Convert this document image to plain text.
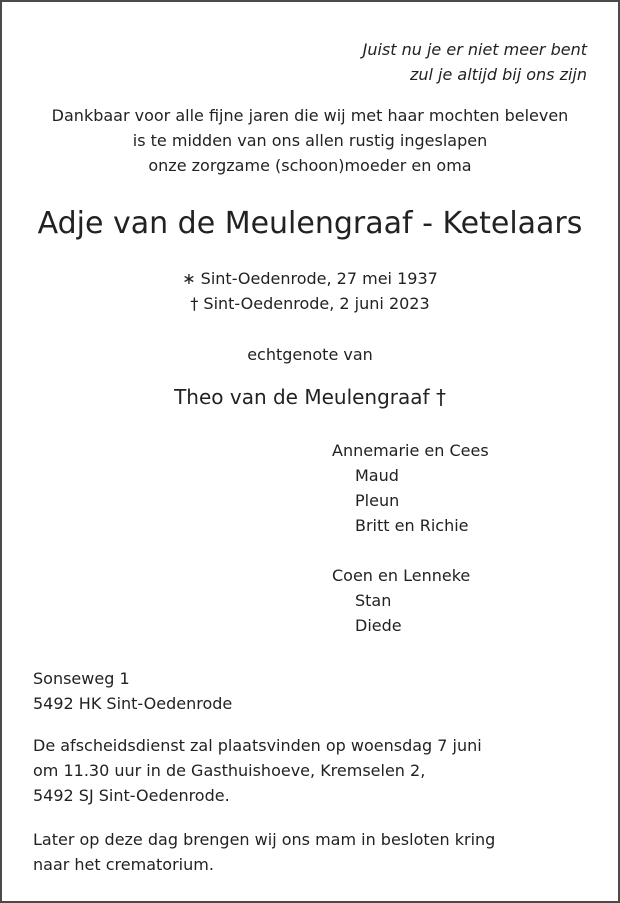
Juist nu je er niet meer bent
zul je altijd bij ons zijn
Dankbaar voor alle fijne jaren die wij met haar mochten beleven
is te midden van ons allen rustig ingeslapen
onze zorgzame (schoon)moeder en oma
Adje van de Meulengraaf - Ketelaars
∗ Sint-Oedenrode, 27 mei 1937
† Sint-Oedenrode, 2 juni 2023
echtgenote van
Theo van de Meulengraaf †
Annemarie en Cees
Maud
Pleun
Britt en Richie
Coen en Lenneke
Stan
Diede
Sonseweg 1
5492 HK Sint-Oedenrode
De afscheidsdienst zal plaatsvinden op woensdag 7 juni
om 11.30 uur in de Gasthuishoeve, Kremselen 2,
5492 SJ Sint-Oedenrode.
Later op deze dag brengen wij ons mam in besloten kring
naar het crematorium.
